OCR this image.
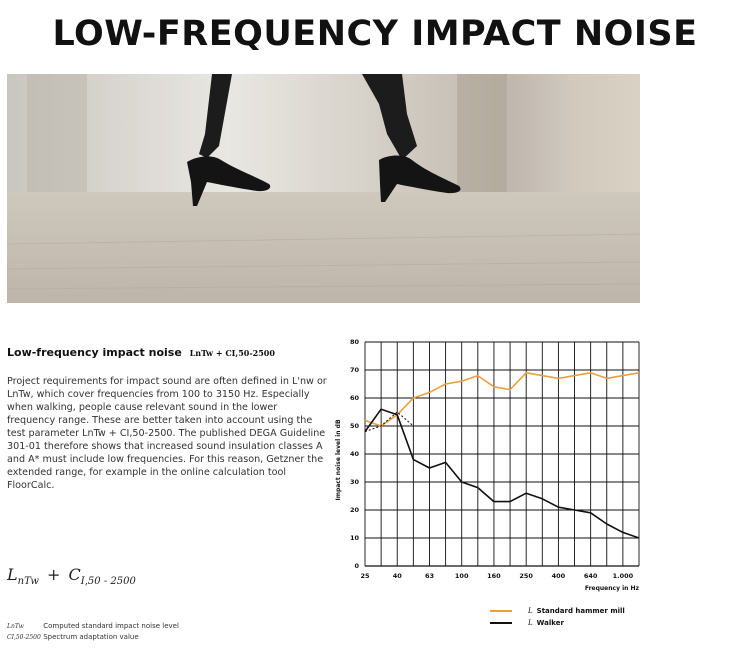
LOW-FREQUENCY IMPACT NOISE
Low-frequency impact noise LnTw + CI,50-2500
Project requirements for impact sound are often defined in L'nw or LnTw, which cover frequencies from 100 to 3150 Hz. Especially when walking, people cause relevant sound in the lower frequency range. These are better taken into account using the test parameter LnTw + CI,50-2500. The published DEGA Guideline 301-01 therefore shows that increased sound insulation classes A and A* must include low frequencies. For this reason, Getzner the extended range, for example in the online calculation tool FloorCalc.
$L_{nTw} + C_{I,50 - 2500}$
LnTw	Computed standard impact noise level
CI,50-2500 Spectrum adaptation value
0
10
20
30
40
50
60
70
80
25	40	63	100	160	250	400	640 1.000
Impact noise level in dB
Frequency in Hz
L Standard hammer mill
L Walker
